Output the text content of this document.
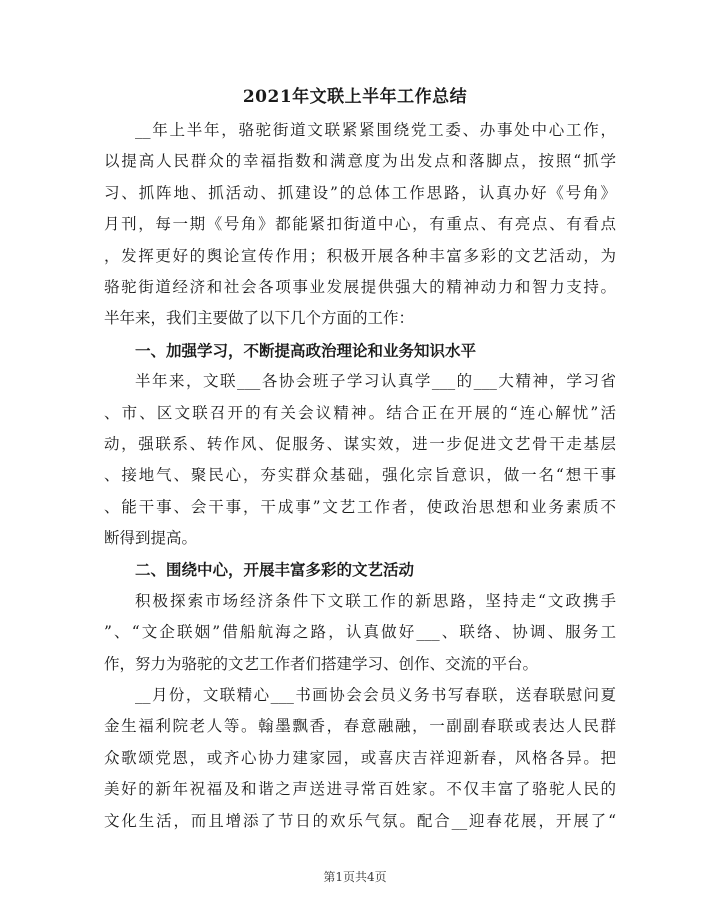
2021年文联上半年工作总结
__年上半年，骆驼街道文联紧紧围绕党工委、办事处中心工作，
以提高人民群众的幸福指数和满意度为出发点和落脚点，按照“抓学
习、抓阵地、抓活动、抓建设”的总体工作思路，认真办好《号角》
月刊，每一期《号角》都能紧扣街道中心，有重点、有亮点、有看点
，发挥更好的舆论宣传作用；积极开展各种丰富多彩的文艺活动，为
骆驼街道经济和社会各项事业发展提供强大的精神动力和智力支持。
半年来，我们主要做了以下几个方面的工作：
一、加强学习，不断提高政治理论和业务知识水平
半年来，文联___各协会班子学习认真学___的___大精神，学习省
、市、区文联召开的有关会议精神。结合正在开展的“连心解忧”活
动，强联系、转作风、促服务、谋实效，进一步促进文艺骨干走基层
、接地气、聚民心，夯实群众基础，强化宗旨意识，做一名“想干事
、能干事、会干事，干成事”文艺工作者，使政治思想和业务素质不
断得到提高。
二、围绕中心，开展丰富多彩的文艺活动
积极探索市场经济条件下文联工作的新思路，坚持走“文政携手
”、“文企联姻”借船航海之路，认真做好___、联络、协调、服务工
作，努力为骆驼的文艺工作者们搭建学习、创作、交流的平台。
__月份，文联精心___书画协会会员义务书写春联，送春联慰问夏
金生福利院老人等。翰墨飘香，春意融融，一副副春联或表达人民群
众歌颂党恩，或齐心协力建家园，或喜庆吉祥迎新春，风格各异。把
美好的新年祝福及和谐之声送进寻常百姓家。不仅丰富了骆驼人民的
文化生活，而且增添了节日的欢乐气氛。配合__迎春花展，开展了“
第1页共4页
